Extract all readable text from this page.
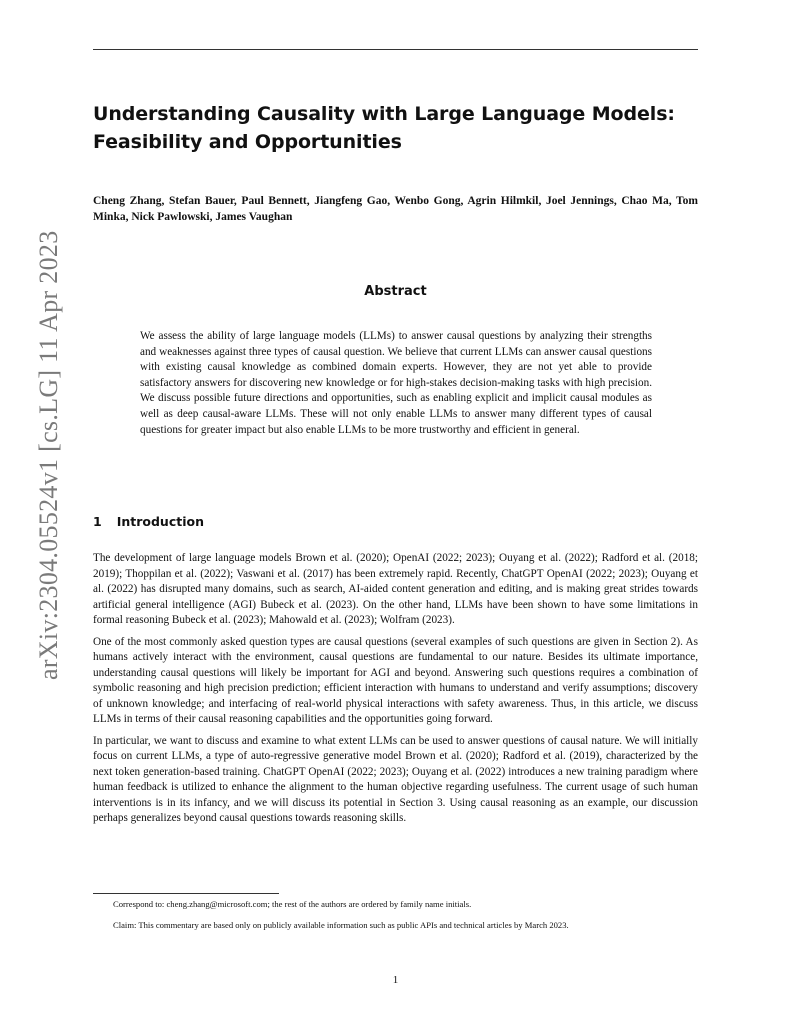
arXiv:2304.05524v1 [cs.LG] 11 Apr 2023
Understanding Causality with Large Language Models: Feasibility and Opportunities
Cheng Zhang, Stefan Bauer, Paul Bennett, Jiangfeng Gao, Wenbo Gong, Agrin Hilmkil, Joel Jennings, Chao Ma, Tom Minka, Nick Pawlowski, James Vaughan
Abstract
We assess the ability of large language models (LLMs) to answer causal questions by analyzing their strengths and weaknesses against three types of causal question. We believe that current LLMs can answer causal questions with existing causal knowledge as combined domain experts. However, they are not yet able to provide satisfactory answers for discovering new knowledge or for high-stakes decision-making tasks with high precision. We discuss possible future directions and opportunities, such as enabling explicit and implicit causal modules as well as deep causal-aware LLMs. These will not only enable LLMs to answer many different types of causal questions for greater impact but also enable LLMs to be more trustworthy and efficient in general.
1 Introduction

The development of large language models Brown et al. (2020); OpenAI (2022; 2023); Ouyang et al. (2022); Radford et al. (2018; 2019); Thoppilan et al. (2022); Vaswani et al. (2017) has been extremely rapid. Recently, ChatGPT OpenAI (2022; 2023); Ouyang et al. (2022) has disrupted many domains, such as search, AI-aided content generation and editing, and is making great strides towards artificial general intelligence (AGI) Bubeck et al. (2023). On the other hand, LLMs have been shown to have some limitations in formal reasoning Bubeck et al. (2023); Mahowald et al. (2023); Wolfram (2023).

One of the most commonly asked question types are causal questions (several examples of such questions are given in Section 2). As humans actively interact with the environment, causal questions are fundamental to our nature. Besides its ultimate importance, understanding causal questions will likely be important for AGI and beyond. Answering such questions requires a combination of symbolic reasoning and high precision prediction; efficient interaction with humans to understand and verify assumptions; discovery of unknown knowledge; and interfacing of real-world physical interactions with safety awareness. Thus, in this article, we discuss LLMs in terms of their causal reasoning capabilities and the opportunities going forward.

In particular, we want to discuss and examine to what extent LLMs can be used to answer questions of causal nature. We will initially focus on current LLMs, a type of auto-regressive generative model Brown et al. (2020); Radford et al. (2019), characterized by the next token generation-based training. ChatGPT OpenAI (2022; 2023); Ouyang et al. (2022) introduces a new training paradigm where human feedback is utilized to enhance the alignment to the human objective regarding usefulness. The current usage of such human interventions is in its infancy, and we will discuss its potential in Section 3. Using causal reasoning as an example, our discussion perhaps generalizes beyond causal questions towards reasoning skills.

Correspond to: cheng.zhang@microsoft.com; the rest of the authors are ordered by family name initials.

Claim: This commentary are based only on publicly available information such as public APIs and technical articles by March 2023.

1
